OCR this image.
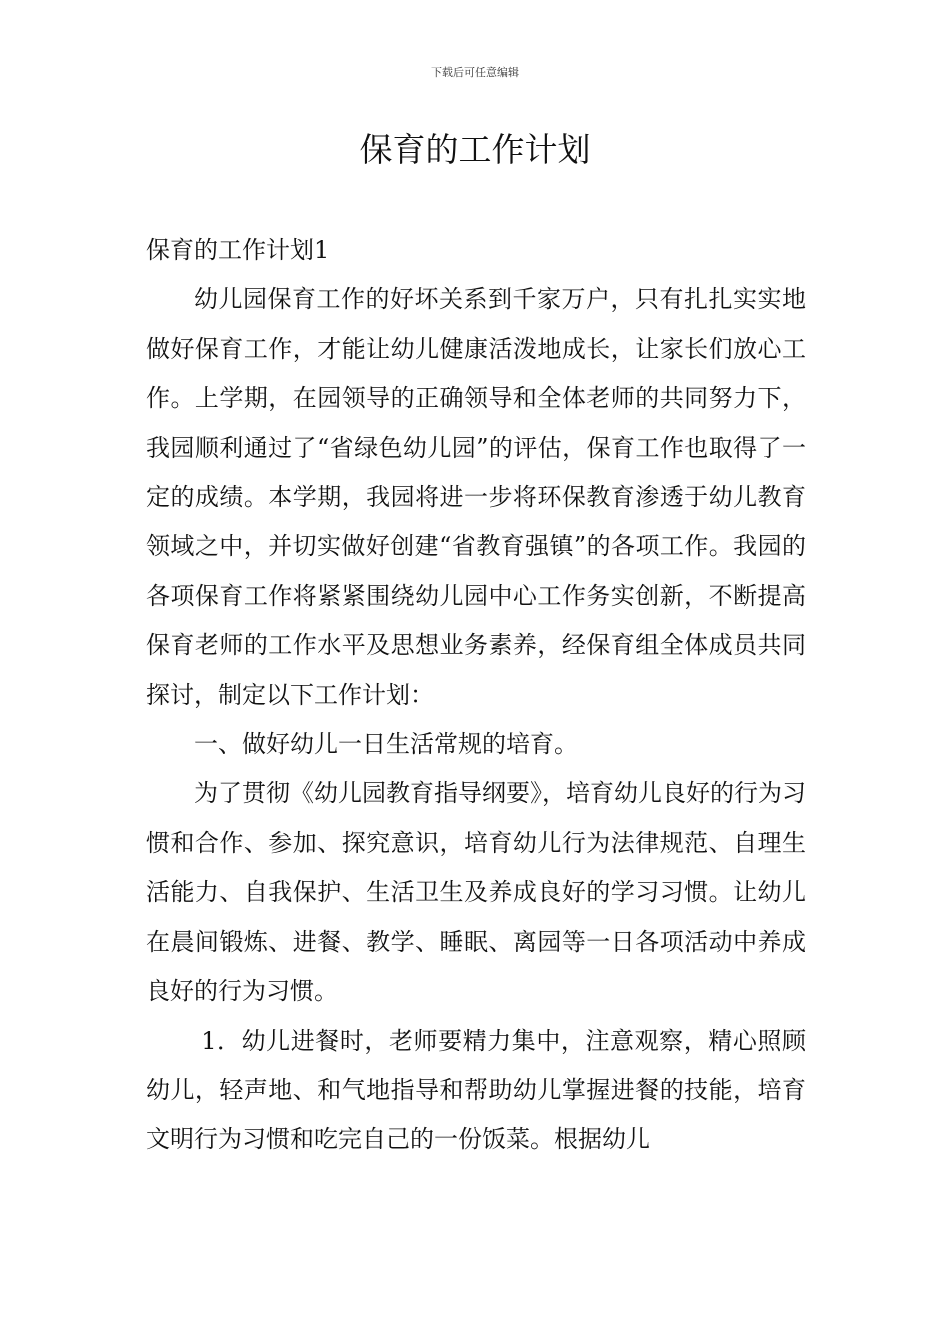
下载后可任意编辑
保育的工作计划

保育的工作计划1

幼儿园保育工作的好坏关系到千家万户，只有扎扎实实地做好保育工作，才能让幼儿健康活泼地成长，让家长们放心工作。上学期，在园领导的正确领导和全体老师的共同努力下，我园顺利通过了“省绿色幼儿园”的评估，保育工作也取得了一定的成绩。本学期，我园将进一步将环保教育渗透于幼儿教育领域之中，并切实做好创建“省教育强镇”的各项工作。我园的各项保育工作将紧紧围绕幼儿园中心工作务实创新，不断提高保育老师的工作水平及思想业务素养，经保育组全体成员共同探讨，制定以下工作计划：

一、做好幼儿一日生活常规的培育。

为了贯彻《幼儿园教育指导纲要》，培育幼儿良好的行为习惯和合作、参加、探究意识，培育幼儿行为法律规范、自理生活能力、自我保护、生活卫生及养成良好的学习习惯。让幼儿在晨间锻炼、进餐、教学、睡眠、离园等一日各项活动中养成良好的行为习惯。

1．幼儿进餐时，老师要精力集中，注意观察，精心照顾幼儿，轻声地、和气地指导和帮助幼儿掌握进餐的技能，培育文明行为习惯和吃完自己的一份饭菜。根据幼儿
